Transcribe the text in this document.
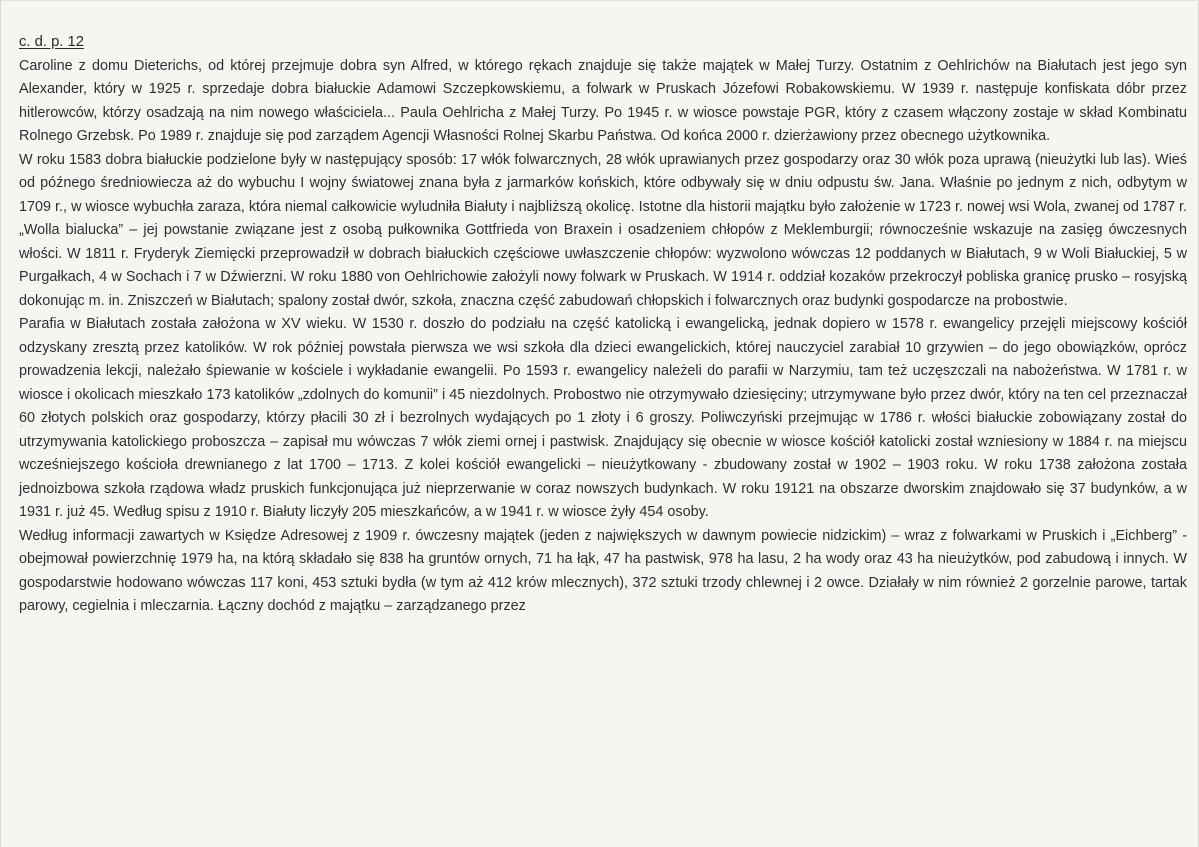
c. d. p. 12

Caroline z domu Dieterichs, od której przejmuje dobra syn Alfred, w którego rękach znajduje się także majątek w Małej Turzy. Ostatnim z Oehlrichów na Białutach jest jego syn Alexander, który w 1925 r. sprzedaje dobra białuckie Adamowi Szczepkowskiemu, a folwark w Pruskach Józefowi Robakowskiemu. W 1939 r. następuje konfiskata dóbr przez hitlerowców, którzy osadzają na nim nowego właściciela... Paula Oehlricha z Małej Turzy. Po 1945 r. w wiosce powstaje PGR, który z czasem włączony zostaje w skład Kombinatu Rolnego Grzebsk. Po 1989 r. znajduje się pod zarządem Agencji Własności Rolnej Skarbu Państwa. Od końca 2000 r. dzierżawiony przez obecnego użytkownika.

W roku 1583 dobra białuckie podzielone były w następujący sposób: 17 włók folwarcznych, 28 włók uprawianych przez gospodarzy oraz 30 włók poza uprawą (nieużytki lub las). Wieś od późnego średniowiecza aż do wybuchu I wojny światowej znana była z jarmarków końskich, które odbywały się w dniu odpustu św. Jana. Właśnie po jednym z nich, odbytym w 1709 r., w wiosce wybuchła zaraza, która niemal całkowicie wyludniła Białuty i najbliższą okolicę. Istotne dla historii majątku było założenie w 1723 r. nowej wsi Wola, zwanej od 1787 r. „Wolla bialucka” – jej powstanie związane jest z osobą pułkownika Gottfrieda von Braxein i osadzeniem chłopów z Meklemburgii; równocześnie wskazuje na zasięg ówczesnych włości. W 1811 r. Fryderyk Ziemięcki przeprowadził w dobrach białuckich częściowe uwłaszczenie chłopów: wyzwolono wówczas 12 poddanych w Białutach, 9 w Woli Białuckiej, 5 w Purgałkach, 4 w Sochach i 7 w Dźwierzni. W roku 1880 von Oehlrichowie założyli nowy folwark w Pruskach. W 1914 r. oddział kozaków przekroczył pobliska granicę prusko – rosyjską dokonując m. in. Zniszczeń w Białutach; spalony został dwór, szkoła, znaczna część zabudowań chłopskich i folwarcznych oraz budynki gospodarcze na probostwie.

Parafia w Białutach została założona w XV wieku. W 1530 r. doszło do podziału na część katolicką i ewangelicką, jednak dopiero w 1578 r. ewangelicy przejęli miejscowy kościół odzyskany zresztą przez katolików. W rok później powstała pierwsza we wsi szkoła dla dzieci ewangelickich, której nauczyciel zarabiał 10 grzywien – do jego obowiązków, oprócz prowadzenia lekcji, należało śpiewanie w kościele i wykładanie ewangelii. Po 1593 r. ewangelicy należeli do parafii w Narzymiu, tam też uczęszczali na nabożeństwa. W 1781 r. w wiosce i okolicach mieszkało 173 katolików „zdolnych do komunii” i 45 niezdolnych. Probostwo nie otrzymywało dziesięciny; utrzymywane było przez dwór, który na ten cel przeznaczał 60 złotych polskich oraz gospodarzy, którzy płacili 30 zł i bezrolnych wydających po 1 złoty i 6 groszy. Poliwczyński przejmując w 1786 r. włości białuckie zobowiązany został do utrzymywania katolickiego proboszcza – zapisał mu wówczas 7 włók ziemi ornej i pastwisk. Znajdujący się obecnie w wiosce kościół katolicki został wzniesiony w 1884 r. na miejscu wcześniejszego kościoła drewnianego z lat 1700 – 1713. Z kolei kościół ewangelicki – nieużytkowany - zbudowany został w 1902 – 1903 roku. W roku 1738 założona została jednoizbowa szkoła rządowa władz pruskich funkcjonująca już nieprzerwanie w coraz nowszych budynkach. W roku 19121 na obszarze dworskim znajdowało się 37 budynków, a w 1931 r. już 45. Według spisu z 1910 r. Białuty liczyły 205 mieszkańców, a w 1941 r. w wiosce żyły 454 osoby.

Według informacji zawartych w Księdze Adresowej z 1909 r. ówczesny majątek (jeden z największych w dawnym powiecie nidzickim) – wraz z folwarkami w Pruskich i „Eichberg” - obejmował powierzchnię 1979 ha, na którą składało się 838 ha gruntów ornych, 71 ha łąk, 47 ha pastwisk, 978 ha lasu, 2 ha wody oraz 43 ha nieużytków, pod zabudową i innych. W gospodarstwie hodowano wówczas 117 koni, 453 sztuki bydła (w tym aż 412 krów mlecznych), 372 sztuki trzody chlewnej i 2 owce. Działały w nim również 2 gorzelnie parowe, tartak parowy, cegielnia i mleczarnia. Łączny dochód z majątku – zarządzanego przez
